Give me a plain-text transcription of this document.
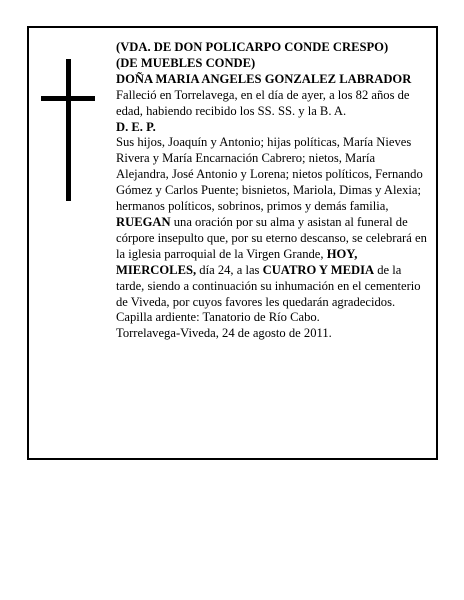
(VDA. DE DON POLICARPO CONDE CRESPO)

(DE MUEBLES CONDE)

DOÑA MARIA ANGELES GONZALEZ LABRADOR

Falleció en Torrelavega, en el día de ayer, a los 82 años de edad, habiendo recibido los SS. SS. y la B. A.

D. E. P.

Sus hijos, Joaquín y Antonio; hijas políticas, María Nieves Rivera y María Encarnación Cabrero; nietos, María Alejandra, José Antonio y Lorena; nietos políticos, Fernando Gómez y Carlos Puente; bisnietos, Mariola, Dimas y Alexia; hermanos políticos, sobrinos, primos y demás familia,

RUEGAN una oración por su alma y asistan al funeral de córpore insepulto que, por su eterno descanso, se celebrará en la iglesia parroquial de la Virgen Grande, HOY, MIERCOLES, día 24, a las CUATRO Y MEDIA de la tarde, siendo a continuación su inhumación en el cementerio de Viveda, por cuyos favores les quedarán agradecidos. Capilla ardiente: Tanatorio de Río Cabo.

Torrelavega-Viveda, 24 de agosto de 2011.
